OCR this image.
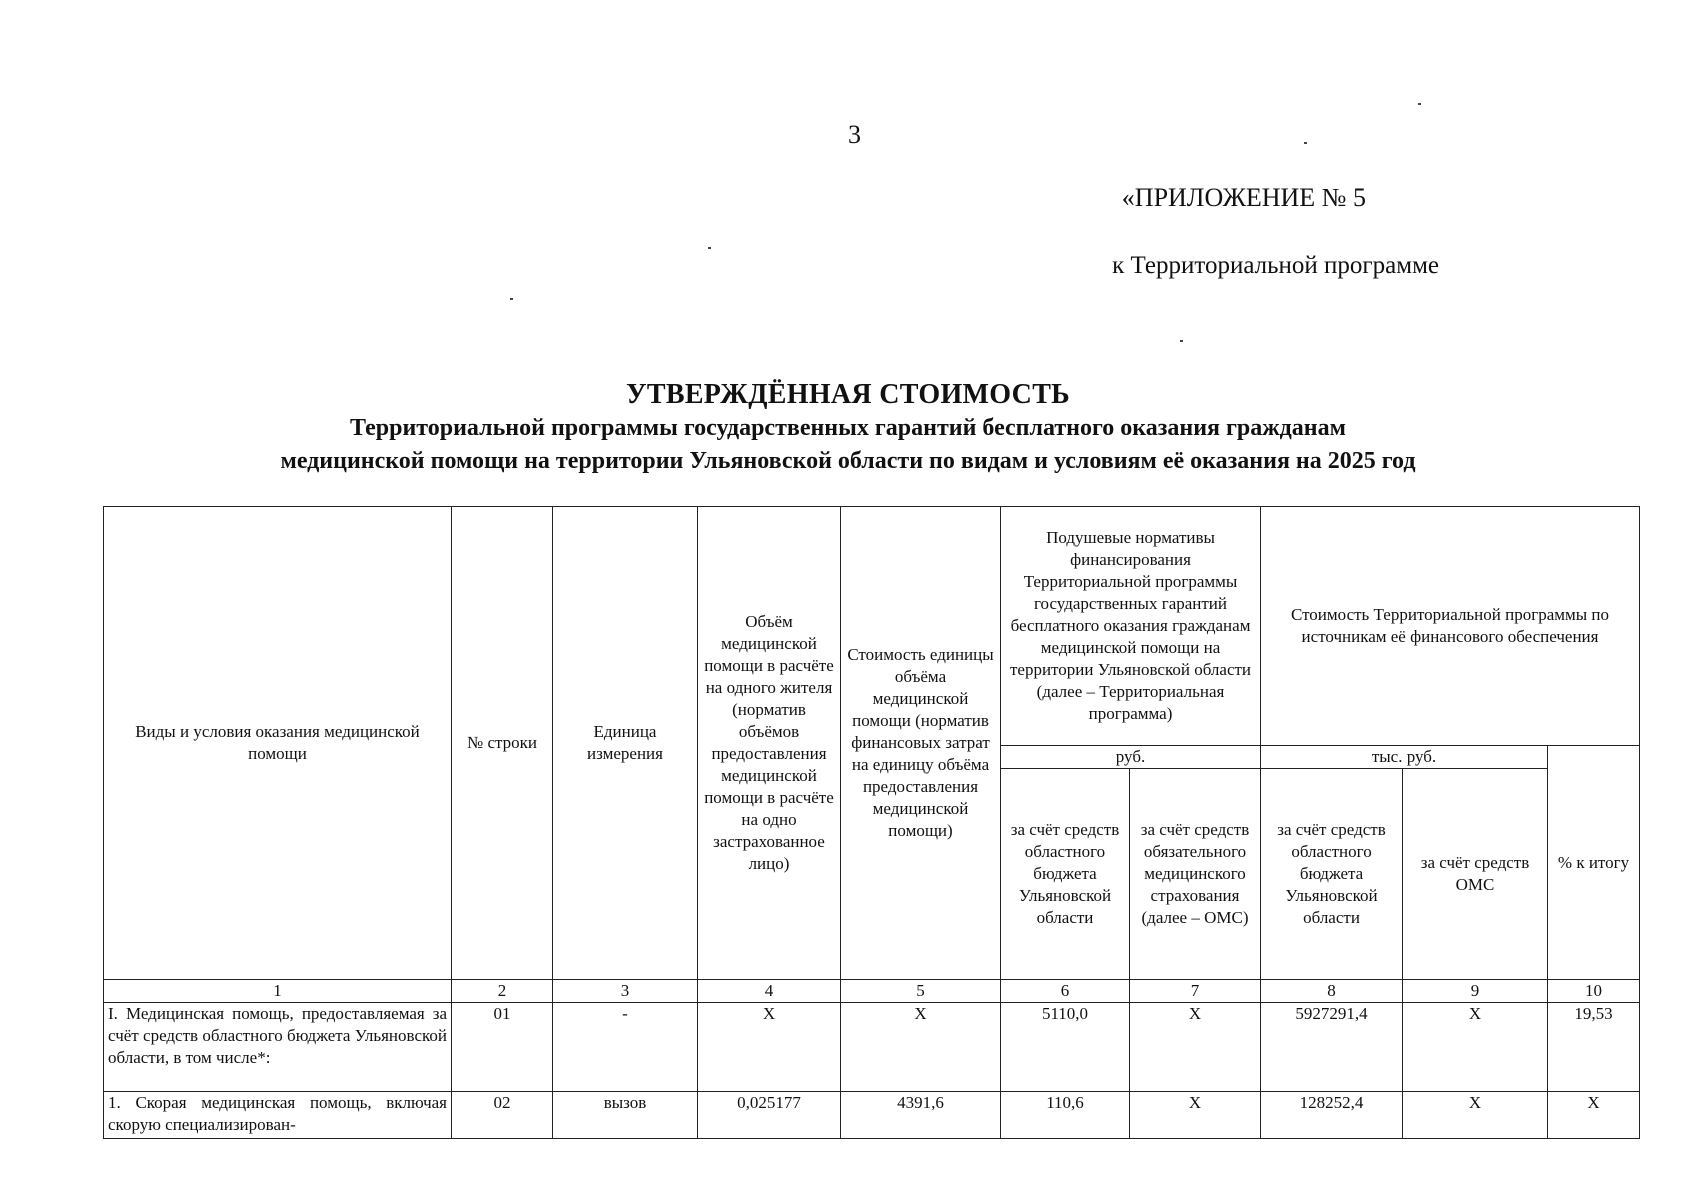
3
«ПРИЛОЖЕНИЕ № 5
к Территориальной программе
УТВЕРЖДЁННАЯ СТОИМОСТЬ
Территориальной программы государственных гарантий бесплатного оказания гражданам
медицинской помощи на территории Ульяновской области по видам и условиям её оказания на 2025 год
Виды и условия оказания медицинской помощи	№ строки	Единица измерения	Объём медицинской помощи в расчёте на одного жителя (норматив объёмов предоставления медицинской помощи в расчёте на одно застрахованное лицо)	Стоимость единицы объёма медицинской помощи (норматив финансовых затрат на единицу объёма предоставления медицинской помощи)	Подушевые нормативы финансирования Территориальной программы государственных гарантий бесплатного оказания гражданам медицинской помощи на территории Ульяновской области (далее – Территориальная программа)		Стоимость Территориальной программы по источникам её финансового обеспечения		
					руб.		тыс. руб.		% к итогу
					за счёт средств областного бюджета Ульяновской области	за счёт средств обязательного медицинского страхования (далее – ОМС)	за счёт средств областного бюджета Ульяновской области	за счёт средств ОМС	
1	2	3	4	5	6	7	8	9	10
I. Медицинская помощь, предоставляемая за счёт средств областного бюджета Ульяновской области, в том числе*:	01	-	X	X	5110,0	X	5927291,4	X	19,53
1. Скорая медицинская помощь, включая скорую специализирован-	02	вызов	0,025177	4391,6	110,6	X	128252,4	X	X
